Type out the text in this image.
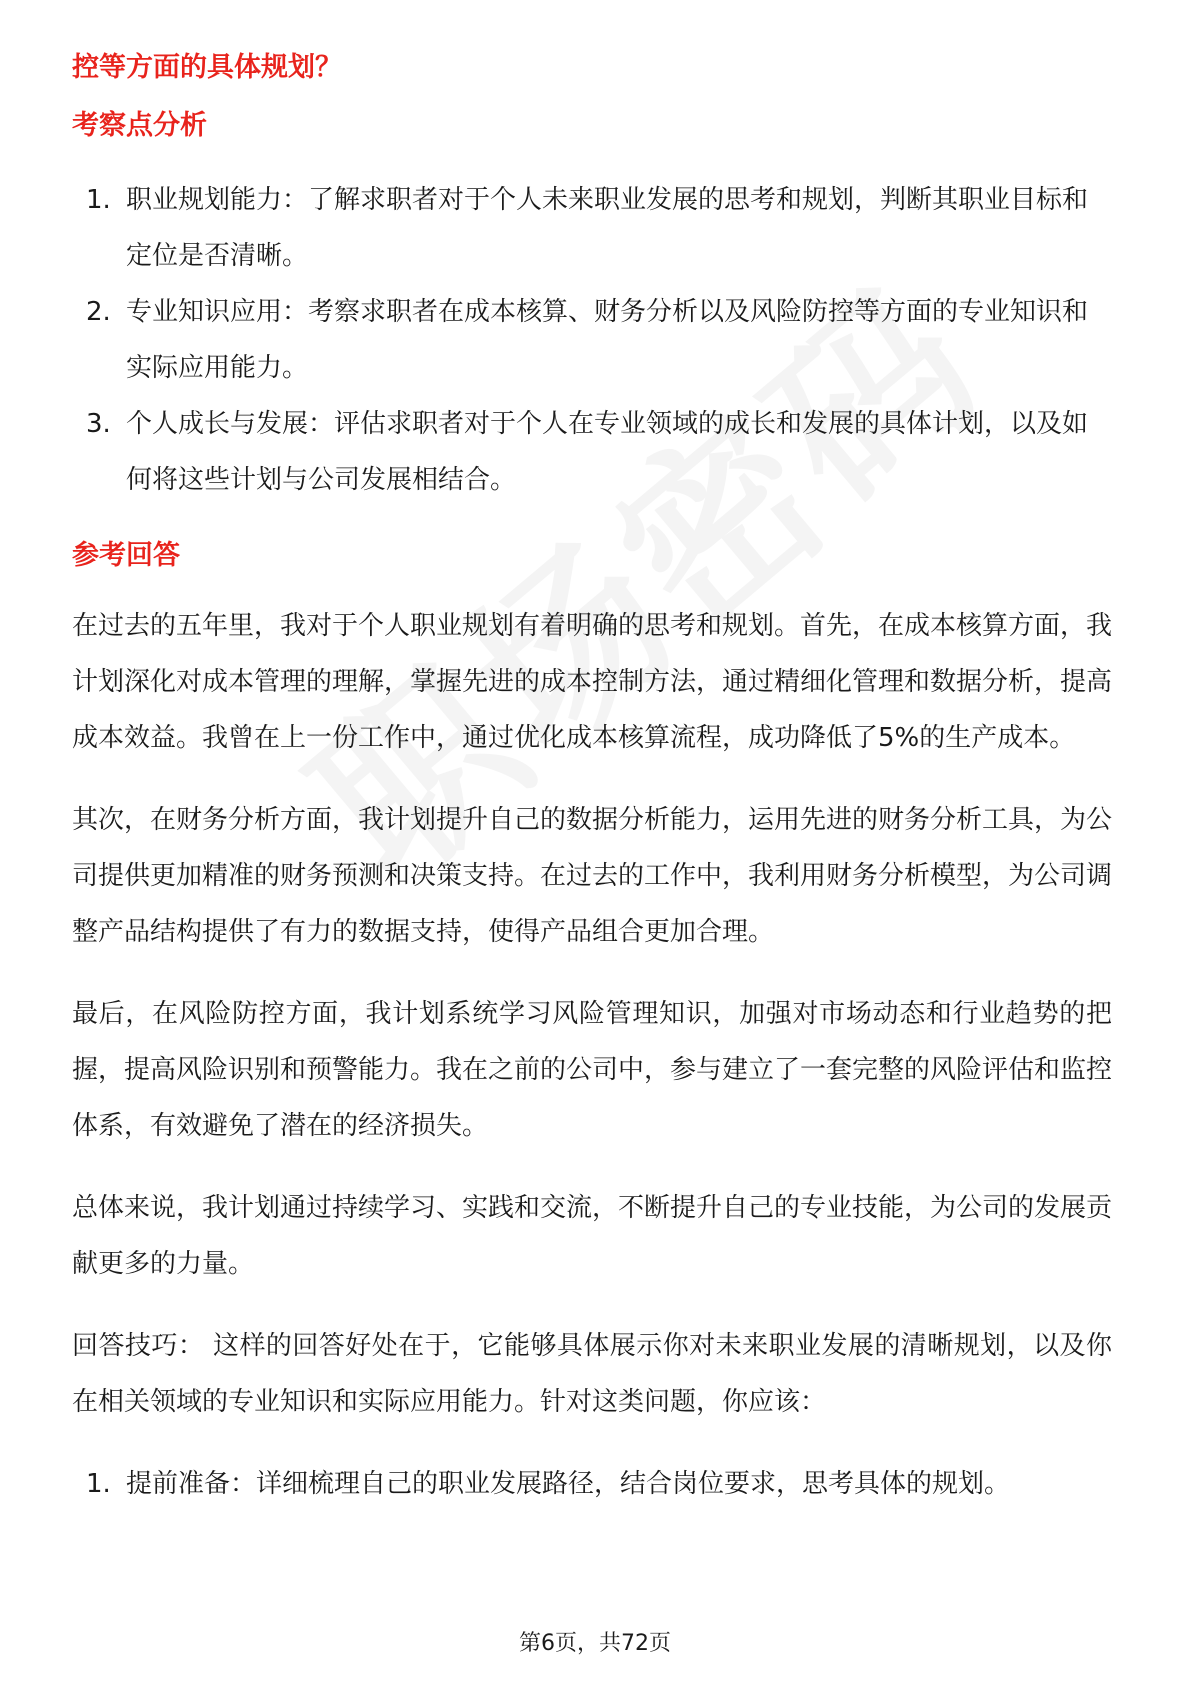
控等方面的具体规划？
考察点分析
1. 职业规划能力：了解求职者对于个人未来职业发展的思考和规划，判断其职业目标和定位是否清晰。
2. 专业知识应用：考察求职者在成本核算、财务分析以及风险防控等方面的专业知识和实际应用能力。
3. 个人成长与发展：评估求职者对于个人在专业领域的成长和发展的具体计划，以及如何将这些计划与公司发展相结合。
参考回答

在过去的五年里，我对于个人职业规划有着明确的思考和规划。首先，在成本核算方面，我计划深化对成本管理的理解，掌握先进的成本控制方法，通过精细化管理和数据分析，提高成本效益。我曾在上一份工作中，通过优化成本核算流程，成功降低了5%的生产成本。

其次，在财务分析方面，我计划提升自己的数据分析能力，运用先进的财务分析工具，为公司提供更加精准的财务预测和决策支持。在过去的工作中，我利用财务分析模型，为公司调整产品结构提供了有力的数据支持，使得产品组合更加合理。

最后，在风险防控方面，我计划系统学习风险管理知识，加强对市场动态和行业趋势的把握，提高风险识别和预警能力。我在之前的公司中，参与建立了一套完整的风险评估和监控体系，有效避免了潜在的经济损失。

总体来说，我计划通过持续学习、实践和交流，不断提升自己的专业技能，为公司的发展贡献更多的力量。

回答技巧： 这样的回答好处在于，它能够具体展示你对未来职业发展的清晰规划，以及你在相关领域的专业知识和实际应用能力。针对这类问题，你应该：

1. 提前准备：详细梳理自己的职业发展路径，结合岗位要求，思考具体的规划。
第6页，共72页
